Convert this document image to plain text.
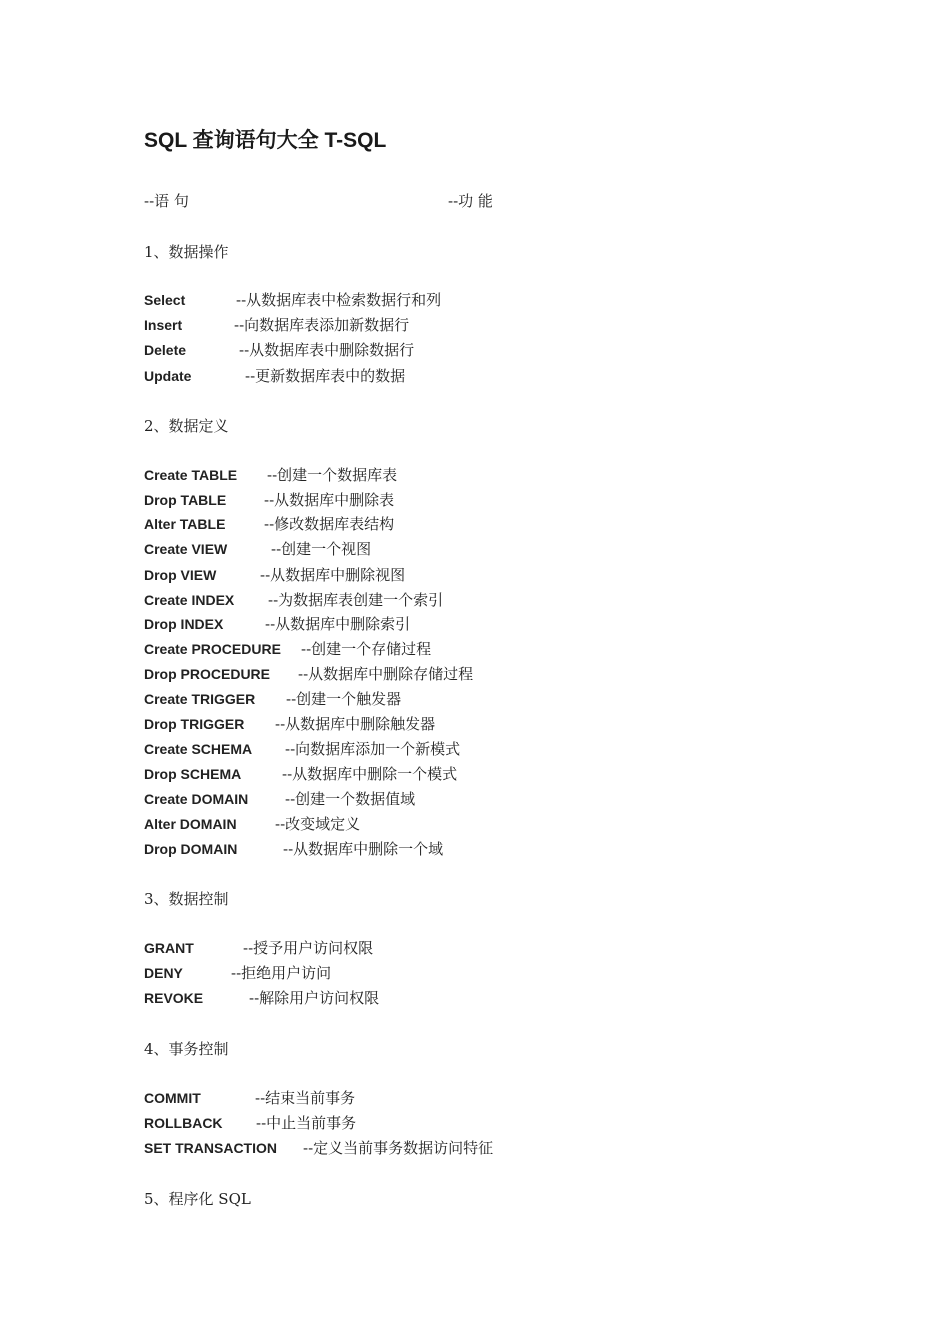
SQL 查询语句大全 T-SQL
--语 句	--功 能
1、数据操作
Select	--从数据库表中检索数据行和列
Insert	--向数据库表添加新数据行
Delete	--从数据库表中删除数据行
Update	--更新数据库表中的数据
2、数据定义
Create TABLE --创建一个数据库表
Drop TABLE	--从数据库中删除表
Alter TABLE	--修改数据库表结构
Create VIEW	--创建一个视图
Drop VIEW	--从数据库中删除视图
Create INDEX --为数据库表创建一个索引
Drop INDEX	--从数据库中删除索引
Create PROCEDURE --创建一个存储过程
Drop PROCEDURE --从数据库中删除存储过程
Create TRIGGER --创建一个触发器
Drop TRIGGER --从数据库中删除触发器
Create SCHEMA --向数据库添加一个新模式
Drop SCHEMA	--从数据库中删除一个模式
Create DOMAIN --创建一个数据值域
Alter DOMAIN	--改变域定义
Drop DOMAIN	--从数据库中删除一个域
3、数据控制
GRANT	--授予用户访问权限
DENY	--拒绝用户访问
REVOKE	--解除用户访问权限
4、事务控制
COMMIT	--结束当前事务
ROLLBACK --中止当前事务
SET TRANSACTION --定义当前事务数据访问特征
5、程序化 SQL
